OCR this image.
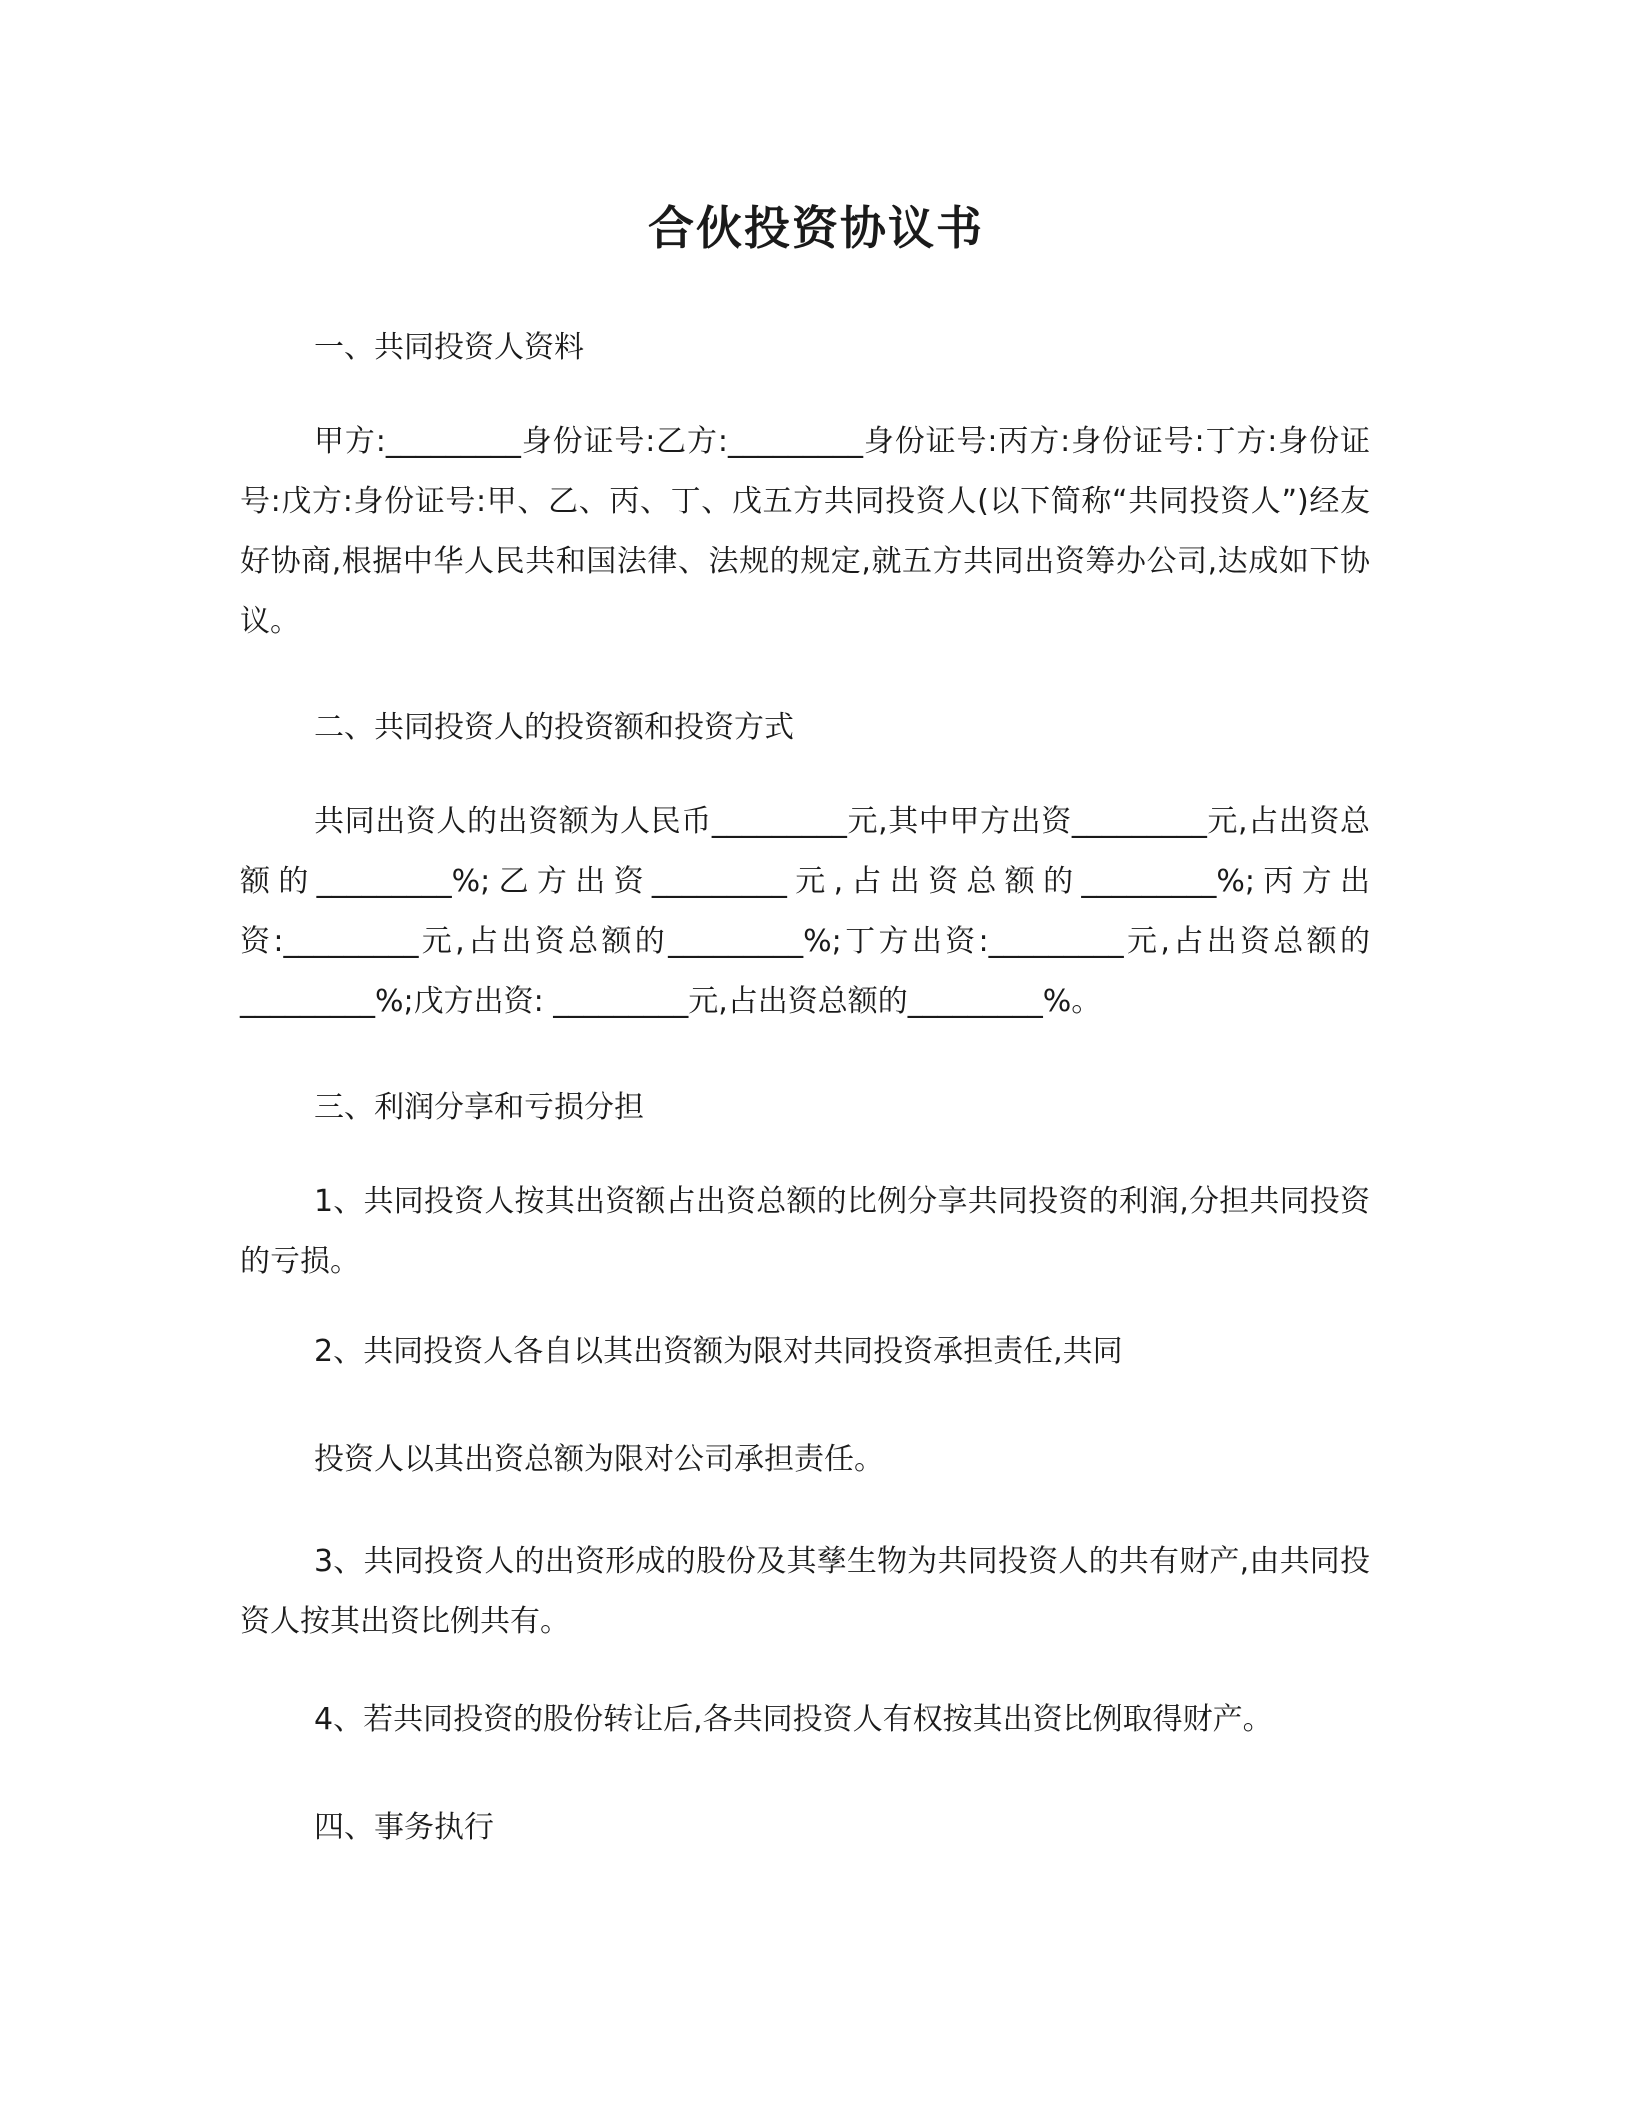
合伙投资协议书

一、共同投资人资料

甲方:_________身份证号:乙方:_________身份证号:丙方:身份证号:丁方:身份证号:戊方:身份证号:甲、乙、丙、丁、戊五方共同投资人(以下简称“共同投资人”)经友好协商,根据中华人民共和国法律、法规的规定,就五方共同出资筹办公司,达成如下协议。

二、共同投资人的投资额和投资方式

共同出资人的出资额为人民币_________元,其中甲方出资_________元,占出资总额的_________%;乙方出资_________元,占出资总额的_________%;丙方出资:_________元,占出资总额的_________%;丁方出资:_________元,占出资总额的_________%;戊方出资: _________元,占出资总额的_________%。

三、利润分享和亏损分担

1、共同投资人按其出资额占出资总额的比例分享共同投资的利润,分担共同投资的亏损。

2、共同投资人各自以其出资额为限对共同投资承担责任,共同

投资人以其出资总额为限对公司承担责任。

3、共同投资人的出资形成的股份及其孳生物为共同投资人的共有财产,由共同投资人按其出资比例共有。

4、若共同投资的股份转让后,各共同投资人有权按其出资比例取得财产。

四、事务执行
